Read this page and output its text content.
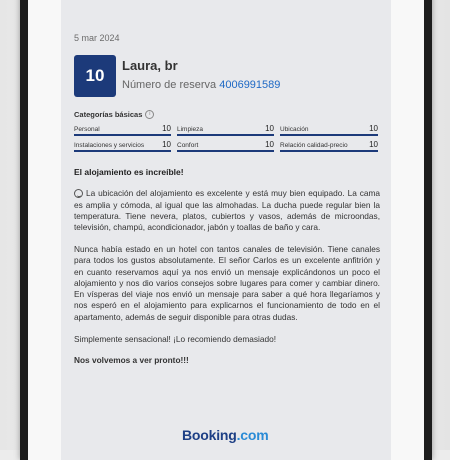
5 mar 2024
10
Laura, br
Número de reserva 4006991589
Categorías básicas	i
Personal	10 Limpieza	10 Ubicación	10
Instalaciones y servicios 10 Confort	10 Relación calidad-precio	10

El alojamiento es increíble!

La ubicación del alojamiento es excelente y está muy bien equipado. La cama es amplia y cómoda, al igual que las almohadas. La ducha puede regular bien la temperatura. Tiene nevera, platos, cubiertos y vasos, además de microondas, televisión, champú, acondicionador, jabón y toallas de baño y cara.

Nunca había estado en un hotel con tantos canales de televisión. Tiene canales para todos los gustos absolutamente. El señor Carlos es un excelente anfitrión y en cuanto reservamos aquí ya nos envió un mensaje explicándonos un poco el alojamiento y nos dio varios consejos sobre lugares para comer y cambiar dinero. En vísperas del viaje nos envió un mensaje para saber a qué hora llegaríamos y nos esperó en el alojamiento para explicarnos el funcionamiento de todo en el apartamento, además de seguir disponible para otras dudas.

Simplemente sensacional! ¡Lo recomiendo demasiado!

Nos volvemos a ver pronto!!!

Booking.com
